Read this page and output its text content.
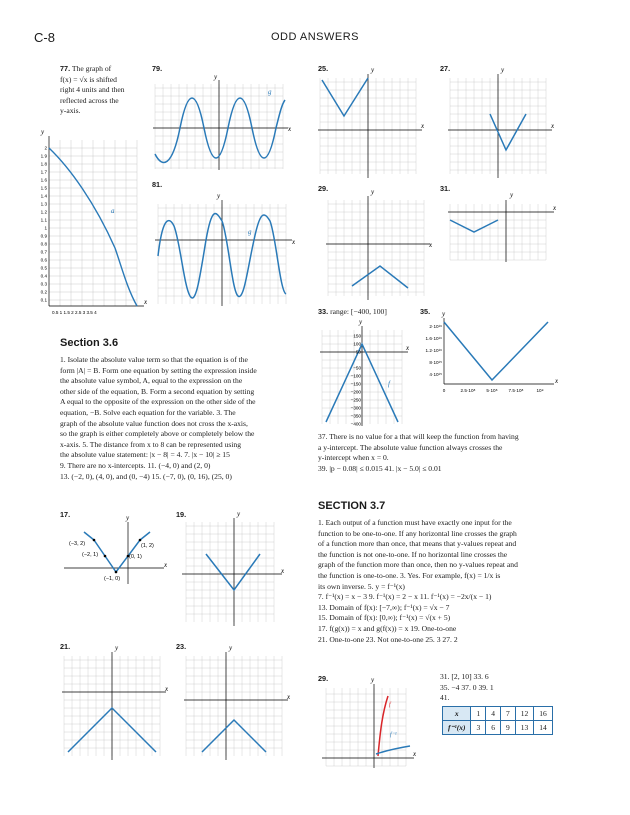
C-8	ODD ANSWERS
77. The graph of
f(x) = √x is shifted
right 4 units and then
reflected across the
y-axis.
a
y
x
2
1.9
1.8
1.7
1.6
1.5
1.4
1.3
1.2
1.1
1
0.9
0.8
0.7
0.6
0.5
0.4
0.3
0.2
0.1
0.5 1 1.5 2 2.5 3 3.5 4
79.
y
x
g
81.
y
x
g
25.	y
x
27.	y
x
29.	y
x
31.
y
x
Section 3.6
1. Isolate the absolute value term so that the equation is of the
form |A| = B. Form one equation by setting the expression inside
the absolute value symbol, A, equal to the expression on the
other side of the equation, B. Form a second equation by setting
A equal to the opposite of the expression on the other side of the
equation, −B. Solve each equation for the variable. 3. The
graph of the absolute value function does not cross the x-axis,
so the graph is either completely above or completely below the
x-axis. 5. The distance from x to 8 can be represented using
the absolute value statement: |x − 8| = 4. 7. |x − 10| ≥ 15
9. There are no x-intercepts. 11. (−4, 0) and (2, 0)
13. (−2, 0), (4, 0), and (0, −4) 15. (−7, 0), (0, 16), (25, 0)
17.
(−3, 2)	(1, 2)
(−2, 1)	(0, 1)
(−1, 0)
y
x
19.	y
x
21.	y
x
23.	y
x
33. range: [−400, 100]
150
100
50
−50
−100
−150
−200
−250
−300
−350
−400
f
y
x
35.
2·10¹⁶
1.6·10¹⁶
1.2·10¹⁶
8·10¹⁵
4·10¹⁵
0	2.5·10⁸ 5·10⁸ 7.5·10⁸	10⁹
y
x
37. There is no value for a that will keep the function from having
a y-intercept. The absolute value function always crosses the
y-intercept when x = 0.
39. |p − 0.08| ≤ 0.015 41. |x − 5.0| ≤ 0.01
SECTION 3.7
1. Each output of a function must have exactly one input for the
function to be one-to-one. If any horizontal line crosses the graph
of a function more than once, that means that y-values repeat and
the function is not one-to-one. If no horizontal line crosses the
graph of the function more than once, then no y-values repeat and
the function is one-to-one. 3. Yes. For example, f(x) = 1/x is
its own inverse. 5. y = f⁻¹(x)
7. f⁻¹(x) = x − 3 9. f⁻¹(x) = 2 − x 11. f⁻¹(x) = −2x/(x − 1)
13. Domain of f(x): [−7,∞); f⁻¹(x) = √x − 7
15. Domain of f(x): [0,∞); f⁻¹(x) = √(x + 5)
17. f(g(x)) = x and g(f(x)) = x 19. One-to-one
21. One-to-one 23. Not one-to-one 25. 3 27. 2
29.
f
f⁻¹
y
x
31. [2, 10] 33. 6
35. −4 37. 0 39. 1
41.
x	1	4	7	12	16
f⁻¹(x)	3	6	9	13	14
